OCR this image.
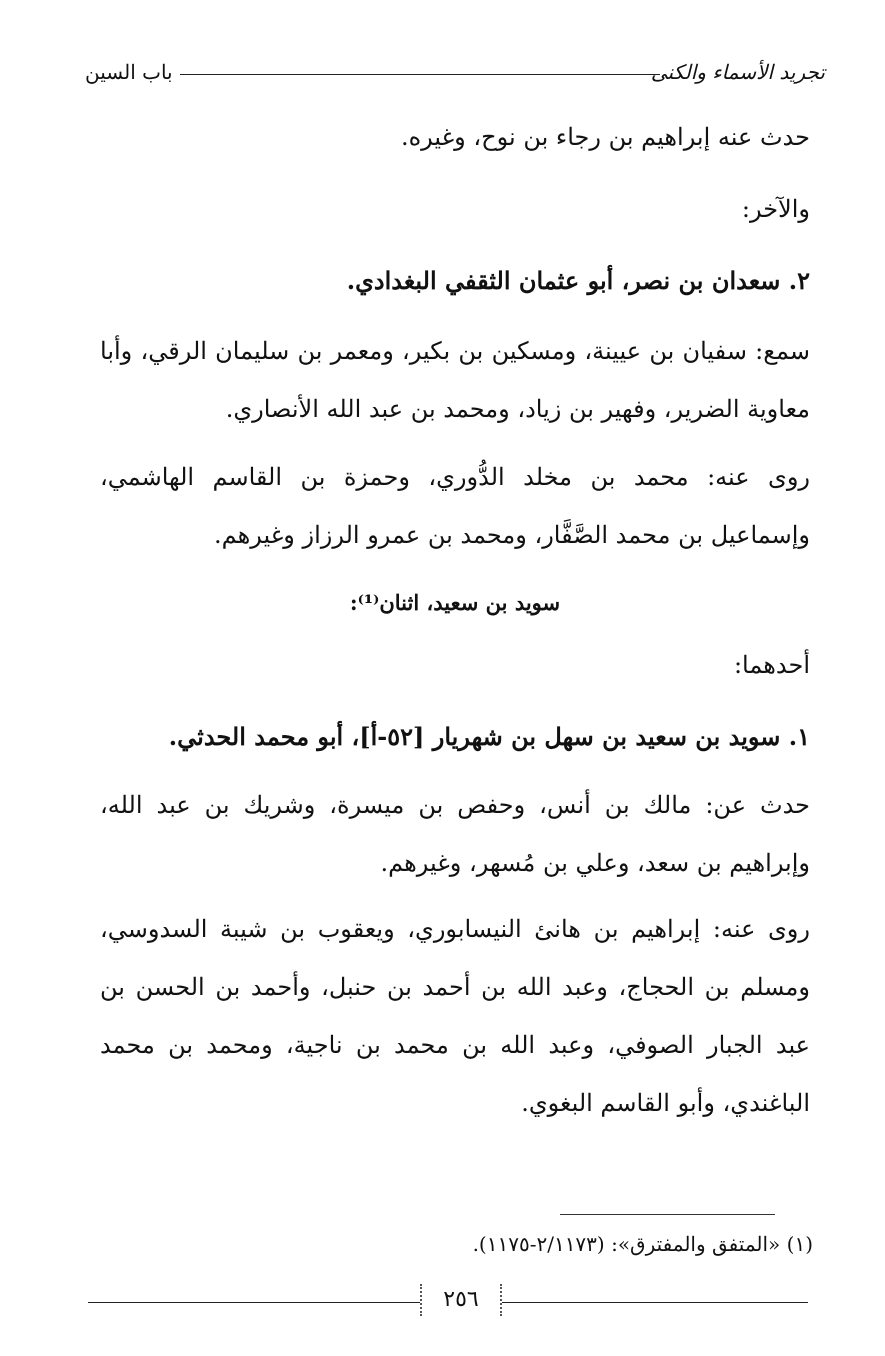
تجريد الأسماء والكنى
باب السين
حدث عنه إبراهيم بن رجاء بن نوح، وغيره.
والآخر:
٢. سعدان بن نصر، أبو عثمان الثقفي البغدادي.
سمع: سفيان بن عيينة، ومسكين بن بكير، ومعمر بن سليمان الرقي، وأبا معاوية الضرير، وفهير بن زياد، ومحمد بن عبد الله الأنصاري.
روى عنه: محمد بن مخلد الدُّوري، وحمزة بن القاسم الهاشمي، وإسماعيل بن محمد الصَّفَّار، ومحمد بن عمرو الرزاز وغيرهم.
سويد بن سعيد، اثنان⁽¹⁾:
أحدهما:
١. سويد بن سعيد بن سهل بن شهريار [٥٢-أ]، أبو محمد الحدثي.
حدث عن: مالك بن أنس، وحفص بن ميسرة، وشريك بن عبد الله، وإبراهيم بن سعد، وعلي بن مُسهر، وغيرهم.
روى عنه: إبراهيم بن هانئ النيسابوري، ويعقوب بن شيبة السدوسي، ومسلم بن الحجاج، وعبد الله بن أحمد بن حنبل، وأحمد بن الحسن بن عبد الجبار الصوفي، وعبد الله بن محمد بن ناجية، ومحمد بن محمد الباغندي، وأبو القاسم البغوي.
(١) «المتفق والمفترق»: (٢/١١٧٣-١١٧٥).
٢٥٦
